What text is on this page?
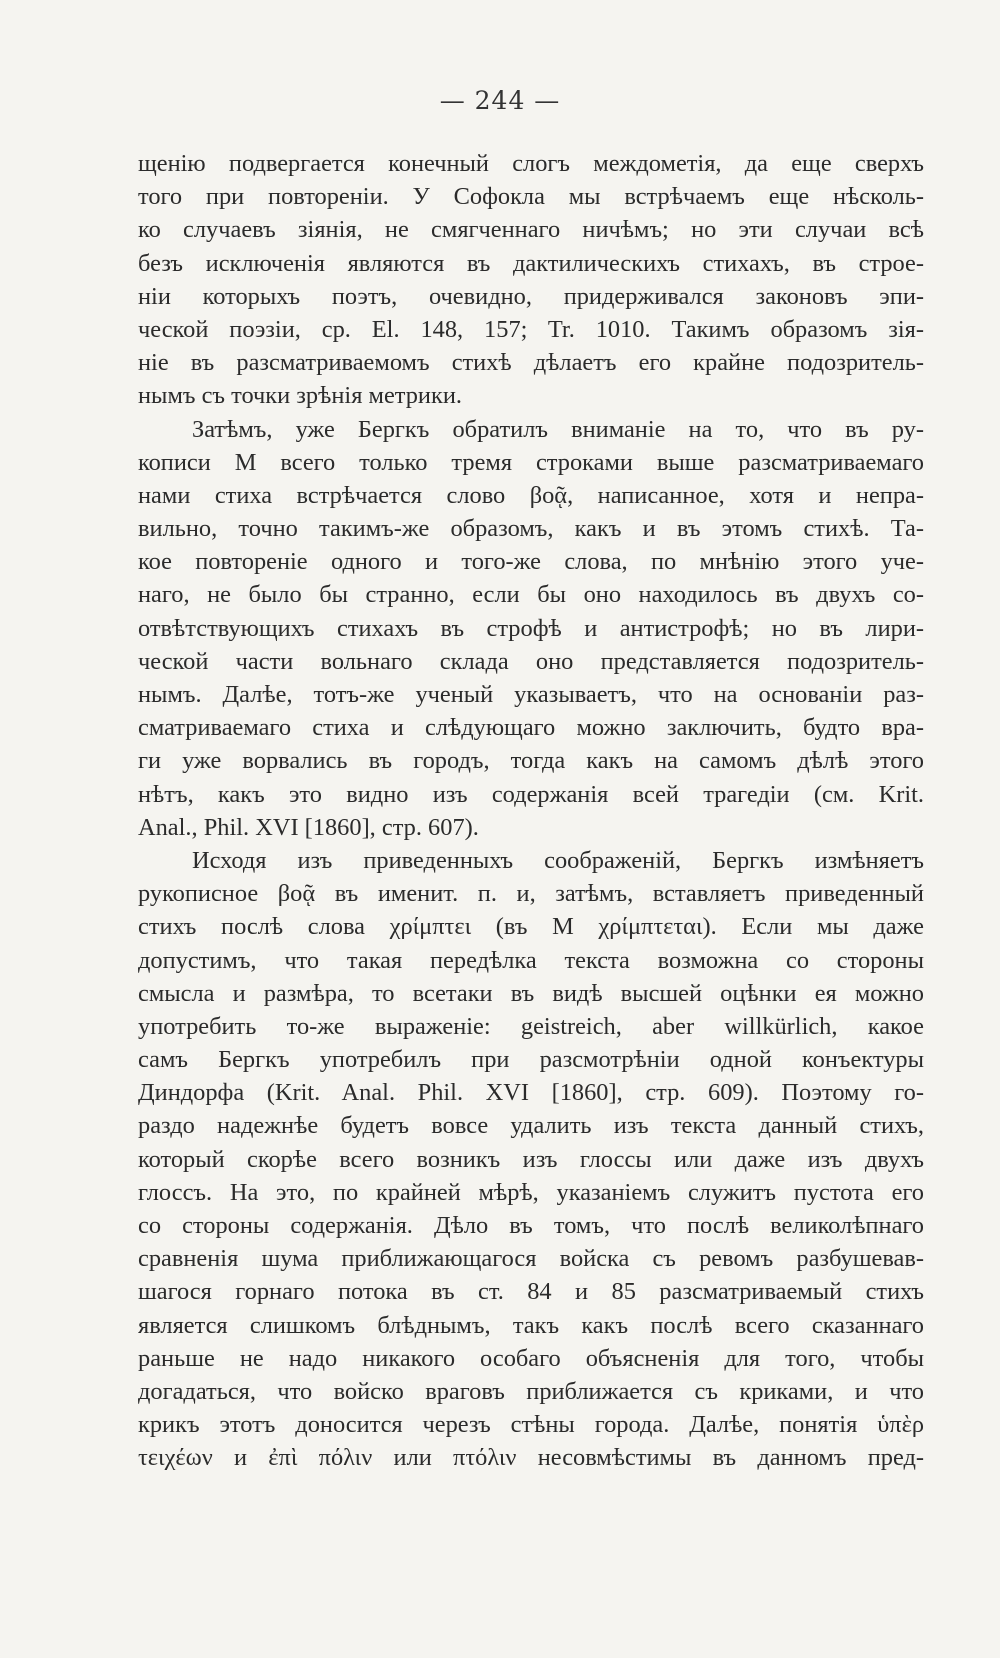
— 244 —
щенію подвергается конечный слогъ междометія, да еще сверхъ
того при повтореніи. У Софокла мы встрѣчаемъ еще нѣсколь-
ко случаевъ зіянія, не смягченнаго ничѣмъ; но эти случаи всѣ
безъ исключенія являются въ дактилическихъ стихахъ, въ строе-
ніи которыхъ поэтъ, очевидно, придерживался законовъ эпи-
ческой поэзіи, ср. El. 148, 157; Tr. 1010. Такимъ образомъ зія-
ніе въ разсматриваемомъ стихѣ дѣлаетъ его крайне подозритель-
нымъ съ точки зрѣнія метрики.
Затѣмъ, уже Бергкъ обратилъ вниманіе на то, что въ ру-
кописи M всего только тремя строками выше разсматриваемаго
нами стиха встрѣчается слово βοᾷ, написанное, хотя и непра-
вильно, точно такимъ-же образомъ, какъ и въ этомъ стихѣ. Та-
кое повтореніе одного и того-же слова, по мнѣнію этого уче-
наго, не было бы странно, если бы оно находилось въ двухъ со-
отвѣтствующихъ стихахъ въ строфѣ и антистрофѣ; но въ лири-
ческой части вольнаго склада оно представляется подозритель-
нымъ. Далѣе, тотъ-же ученый указываетъ, что на основаніи раз-
сматриваемаго стиха и слѣдующаго можно заключить, будто вра-
ги уже ворвались въ городъ, тогда какъ на самомъ дѣлѣ этого
нѣтъ, какъ это видно изъ содержанія всей трагедіи (см. Krit.
Anal., Phil. XVI [1860], стр. 607).
Исходя изъ приведенныхъ соображеній, Бергкъ измѣняетъ
рукописное βοᾷ въ именит. п. и, затѣмъ, вставляетъ приведенный
стихъ послѣ слова χρίμπτει (въ M χρίμπτεται). Если мы даже
допустимъ, что такая передѣлка текста возможна со стороны
смысла и размѣра, то всетаки въ видѣ высшей оцѣнки ея можно
употребить то-же выраженіе: geistreich, aber willkürlich, какое
самъ Бергкъ употребилъ при разсмотрѣніи одной конъектуры
Диндорфа (Krit. Anal. Phil. XVI [1860], стр. 609). Поэтому го-
раздо надежнѣе будетъ вовсе удалить изъ текста данный стихъ,
который скорѣе всего возникъ изъ глоссы или даже изъ двухъ
глоссъ. На это, по крайней мѣрѣ, указаніемъ служитъ пустота его
со стороны содержанія. Дѣло въ томъ, что послѣ великолѣпнаго
сравненія шума приближающагося войска съ ревомъ разбушевав-
шагося горнаго потока въ ст. 84 и 85 разсматриваемый стихъ
является слишкомъ блѣднымъ, такъ какъ послѣ всего сказаннаго
раньше не надо никакого особаго объясненія для того, чтобы
догадаться, что войско враговъ приближается съ криками, и что
крикъ этотъ доносится черезъ стѣны города. Далѣе, понятія ὑπὲρ
τειχέων и ἐπὶ πόλιν или πτόλιν несовмѣстимы въ данномъ пред-
